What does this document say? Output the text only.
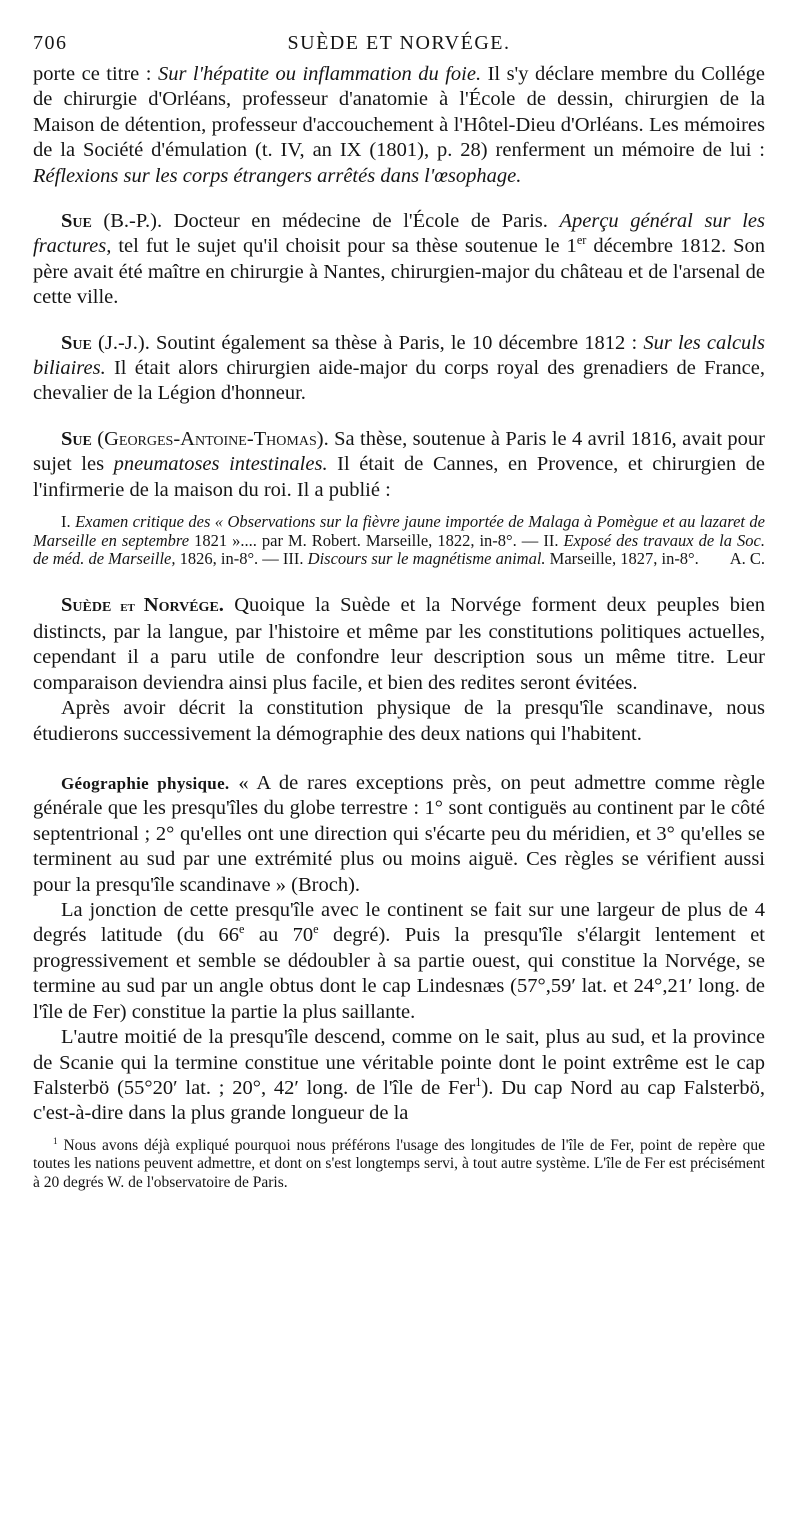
706	SUÈDE ET NORVÉGE.

porte ce titre : Sur l'hépatite ou inflammation du foie. Il s'y déclare membre du Collége de chirurgie d'Orléans, professeur d'anatomie à l'École de dessin, chirurgien de la Maison de détention, professeur d'accouchement à l'Hôtel-Dieu d'Orléans. Les mémoires de la Société d'émulation (t. IV, an IX (1801), p. 28) renferment un mémoire de lui : Réflexions sur les corps étrangers arrêtés dans l'œsophage.

Sue (B.-P.). Docteur en médecine de l'École de Paris. Aperçu général sur les fractures, tel fut le sujet qu'il choisit pour sa thèse soutenue le 1er décembre 1812. Son père avait été maître en chirurgie à Nantes, chirurgien-major du château et de l'arsenal de cette ville.

Sue (J.-J.). Soutint également sa thèse à Paris, le 10 décembre 1812 : Sur les calculs biliaires. Il était alors chirurgien aide-major du corps royal des grenadiers de France, chevalier de la Légion d'honneur.

Sue (Georges-Antoine-Thomas). Sa thèse, soutenue à Paris le 4 avril 1816, avait pour sujet les pneumatoses intestinales. Il était de Cannes, en Provence, et chirurgien de l'infirmerie de la maison du roi. Il a publié :

I. Examen critique des « Observations sur la fièvre jaune importée de Malaga à Pomègue et au lazaret de Marseille en septembre 1821 ».... par M. Robert. Marseille, 1822, in-8°. — II. Exposé des travaux de la Soc. de méd. de Marseille, 1826, in-8°. — III. Discours sur le magnétisme animal. Marseille, 1827, in-8°.	A. C.

Suède et Norvége. Quoique la Suède et la Norvége forment deux peuples bien distincts, par la langue, par l'histoire et même par les constitutions politiques actuelles, cependant il a paru utile de confondre leur description sous un même titre. Leur comparaison deviendra ainsi plus facile, et bien des redites seront évitées.

Après avoir décrit la constitution physique de la presqu'île scandinave, nous étudierons successivement la démographie des deux nations qui l'habitent.

Géographie physique. « A de rares exceptions près, on peut admettre comme règle générale que les presqu'îles du globe terrestre : 1° sont contiguës au continent par le côté septentrional ; 2° qu'elles ont une direction qui s'écarte peu du méridien, et 3° qu'elles se terminent au sud par une extrémité plus ou moins aiguë. Ces règles se vérifient aussi pour la presqu'île scandinave » (Broch).

La jonction de cette presqu'île avec le continent se fait sur une largeur de plus de 4 degrés latitude (du 66e au 70e degré). Puis la presqu'île s'élargit lentement et progressivement et semble se dédoubler à sa partie ouest, qui constitue la Norvége, se termine au sud par un angle obtus dont le cap Lindesnæs (57°,59′ lat. et 24°,21′ long. de l'île de Fer) constitue la partie la plus saillante.

L'autre moitié de la presqu'île descend, comme on le sait, plus au sud, et la province de Scanie qui la termine constitue une véritable pointe dont le point extrême est le cap Falsterbö (55°20′ lat. ; 20°, 42′ long. de l'île de Fer$^1$). Du cap Nord au cap Falsterbö, c'est-à-dire dans la plus grande longueur de la

$^1$ Nous avons déjà expliqué pourquoi nous préférons l'usage des longitudes de l'île de Fer, point de repère que toutes les nations peuvent admettre, et dont on s'est longtemps servi, à tout autre système. L'île de Fer est précisément à 20 degrés W. de l'observatoire de Paris.
